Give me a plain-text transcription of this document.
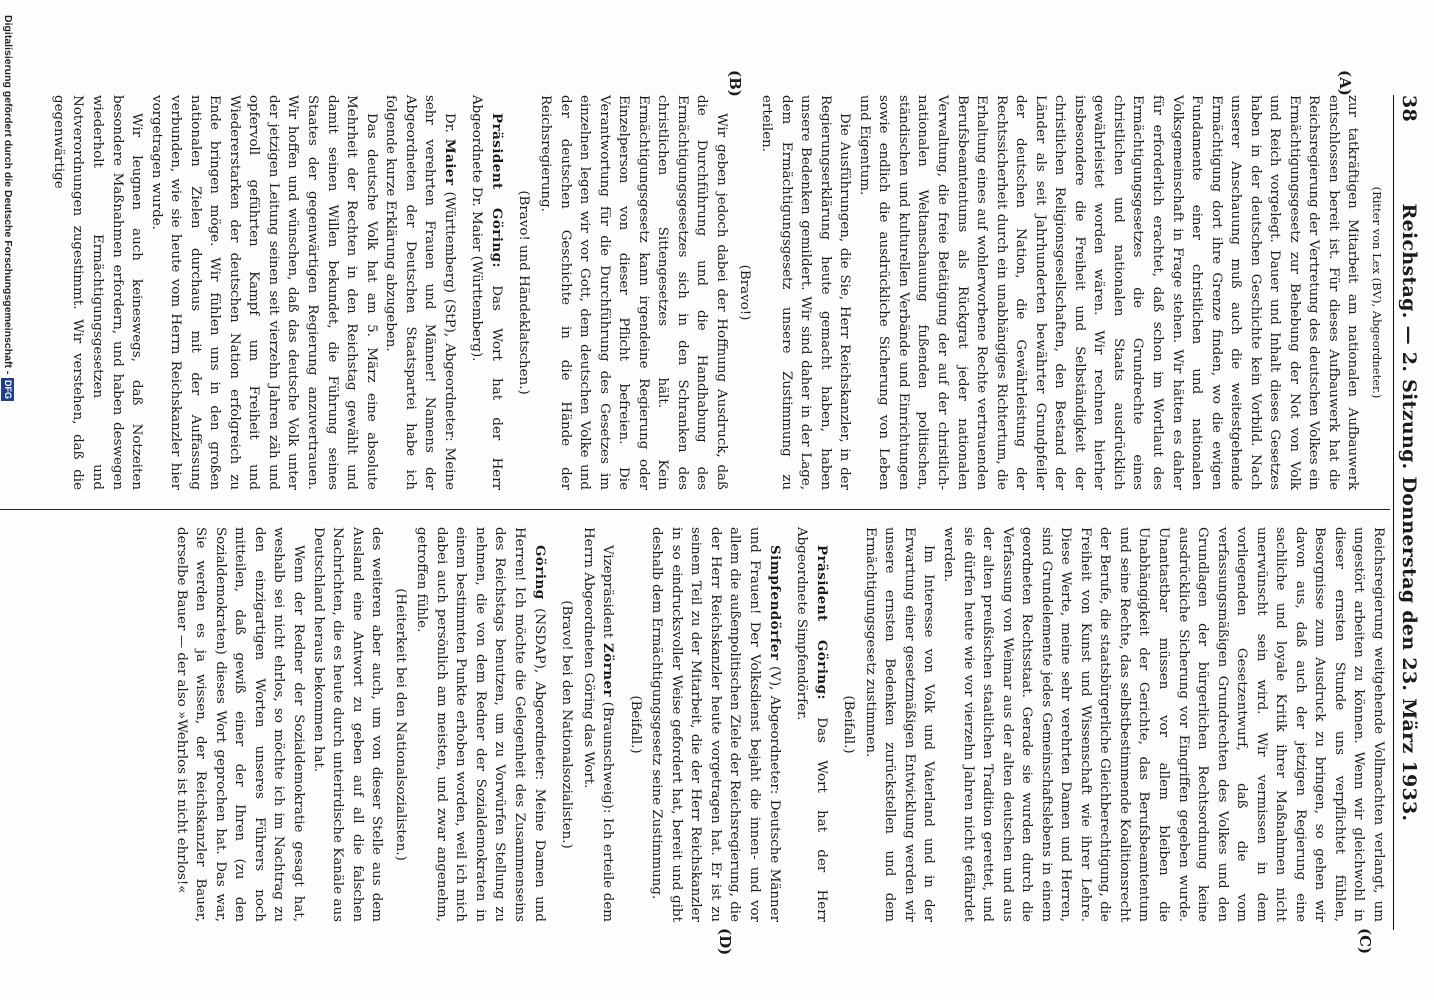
38
Reichstag. — 2. Sitzung. Donnerstag den 23. März 1933.
(A)
(B)
(C)
(D)
(Ritter von Lex (BV), Abgeordneter.)

zur tatkräftigen Mitarbeit am nationalen Aufbauwerk entschlossen bereit ist. Für dieses Aufbauwerk hat die Reichsregierung der Vertretung des deutschen Volkes ein Ermächtigungsgesetz zur Behebung der Not von Volk und Reich vorgelegt. Dauer und Inhalt dieses Gesetzes haben in der deutschen Geschichte kein Vorbild. Nach unserer Anschauung muß auch die weitestgehende Ermächtigung dort ihre Grenze finden, wo die ewigen Fundamente einer christlichen und nationalen Volksgemeinschaft in Frage stehen. Wir hätten es daher für erforderlich erachtet, daß schon im Wortlaut des Ermächtigungsgesetzes die Grundrechte eines christlichen und nationalen Staats ausdrücklich gewährleistet worden wären. Wir rechnen hierher insbesondere die Freiheit und Selbständigkeit der christlichen Religionsgesellschaften, den Bestand der Länder als seit Jahrhunderten bewährter Grundpfeiler der deutschen Nation, die Gewährleistung der Rechtssicherheit durch ein unabhängiges Richtertum, die Erhaltung eines auf wohlerworbene Rechte vertrauenden Berufsbeamtentums als Rückgrat jeder nationalen Verwaltung, die freie Betätigung der auf der christlich-nationalen Weltanschauung fußenden politischen, ständischen und kulturellen Verbände und Einrichtungen sowie endlich die ausdrückliche Sicherung von Leben und Eigentum.

Die Ausführungen, die Sie, Herr Reichskanzler, in der Regierungserklärung heute gemacht haben, haben unsere Bedenken gemildert. Wir sind daher in der Lage, dem Ermächtigungsgesetz unsere Zustimmung zu erteilen.

(Bravo!)

Wir geben jedoch dabei der Hoffnung Ausdruck, daß die Durchführung und die Handhabung des Ermächtigungsgesetzes sich in den Schranken des christlichen Sittengesetzes hält. Kein Ermächtigungsgesetz kann irgendeine Regierung oder Einzelperson von dieser Pflicht befreien. Die Verantwortung für die Durchführung des Gesetzes im einzelnen legen wir vor Gott, dem deutschen Volke und der deutschen Geschichte in die Hände der Reichsregierung.

(Bravo! und Händeklatschen.)

Präsident Göring: Das Wort hat der Herr Abgeordnete Dr. Maier (Württemberg).

Dr. Maier (Württemberg) (StP), Abgeordneter: Meine sehr verehrten Frauen und Männer! Namens der Abgeordneten der Deutschen Staatspartei habe ich folgende kurze Erklärung abzugeben.

Das deutsche Volk hat am 5. März eine absolute Mehrheit der Rechten in den Reichstag gewählt und damit seinen Willen bekundet, die Führung seines Staates der gegenwärtigen Regierung anzuvertrauen. Wir hoffen und wünschen, daß das deutsche Volk unter der jetzigen Leitung seinen seit vierzehn Jahren zäh und opfervoll geführten Kampf um Freiheit und Wiedererstarken der deutschen Nation erfolgreich zu Ende bringen möge. Wir fühlen uns in den großen nationalen Zielen durchaus mit der Auffassung verbunden, wie sie heute vom Herrn Reichskanzler hier vorgetragen wurde.

Wir leugnen auch keineswegs, daß Notzeiten besondere Maßnahmen erfordern, und haben deswegen wiederholt Ermächtigungsgesetzen und Notverordnungen zugestimmt. Wir verstehen, daß die gegenwärtige

Reichsregierung weitgehende Vollmachten verlangt, um ungestört arbeiten zu können. Wenn wir gleichwohl in dieser ernsten Stunde uns verpflichtet fühlen, Besorgnisse zum Ausdruck zu bringen, so gehen wir davon aus, daß auch der jetzigen Regierung eine sachliche und loyale Kritik ihrer Maßnahmen nicht unerwünscht sein wird. Wir vermissen in dem vorliegenden Gesetzentwurf, daß die vom verfassungsmäßigen Grundrechten des Volkes und den Grundlagen der bürgerlichen Rechtsordnung keine ausdrückliche Sicherung vor Eingriffen gegeben wurde. Unantastbar müssen vor allem bleiben die Unabhängigkeit der Gerichte, das Berufsbeamtentum und seine Rechte, das selbstbestimmende Koalitionsrecht der Berufe, die staatsbürgerliche Gleichberechtigung, die Freiheit von Kunst und Wissenschaft wie ihrer Lehre. Diese Werte, meine sehr verehrten Damen und Herren, sind Grundelemente jedes Gemeinschaftslebens in einem geordneten Rechtsstaat. Gerade sie wurden durch die Verfassung von Weimar aus der alten deutschen und aus der alten preußischen staatlichen Tradition gerettet, und sie dürfen heute wie vor vierzehn Jahren nicht gefährdet werden.

Im Interesse von Volk und Vaterland und in der Erwartung einer gesetzmäßigen Entwicklung werden wir unsere ernsten Bedenken zurückstellen und dem Ermächtigungsgesetz zustimmen.

(Beifall.)

Präsident Göring: Das Wort hat der Herr Abgeordnete Simpfendörfer.

Simpfendörfer (V), Abgeordneter: Deutsche Männer und Frauen! Der Volksdienst bejaht die innen- und vor allem die außenpolitischen Ziele der Reichsregierung, die der Herr Reichskanzler heute vorgetragen hat. Er ist zu seinem Teil zu der Mitarbeit, die der Herr Reichskanzler in so eindrucksvoller Weise gefordert hat, bereit und gibt deshalb dem Ermächtigungsgesetz seine Zustimmung.

(Beifall.)

Vizepräsident Zörner (Braunschweig): Ich erteile dem Herrn Abgeordneten Göring das Wort.

(Bravo! bei den Nationalsozialisten.)

Göring (NSDAP), Abgeordneter: Meine Damen und Herren! Ich möchte die Gelegenheit des Zusammenseins des Reichstags benutzen, um zu Vorwürfen Stellung zu nehmen, die von dem Redner der Sozialdemokraten in einem bestimmten Punkte erhoben worden, weil ich mich dabei auch persönlich am meisten, und zwar angenehm, getroffen fühle.

(Heiterkeit bei den Nationalsozialisten.)

des weiteren aber auch, um von dieser Stelle aus dem Ausland eine Antwort zu geben auf all die falschen Nachrichten, die es heute durch unterirdische Kanäle aus Deutschland heraus bekommen hat.

Wenn der Redner der Sozialdemokratie gesagt hat, weshalb sei nicht ehrlos, so möchte ich im Nachtrag zu den einzigartigen Worten unseres Führers noch mitteilen, daß gewiß einer der Ihren (zu den Sozialdemokraten) dieses Wort geprochen hat. Das war, Sie werden es ja wissen, der Reichskanzler Bauer, derselbe Bauer — der also »Wehrlos ist nicht ehrlos!«

Digitalisierung gefördert durch die Deutsche Forschungsgemeinschaft -
DFG
